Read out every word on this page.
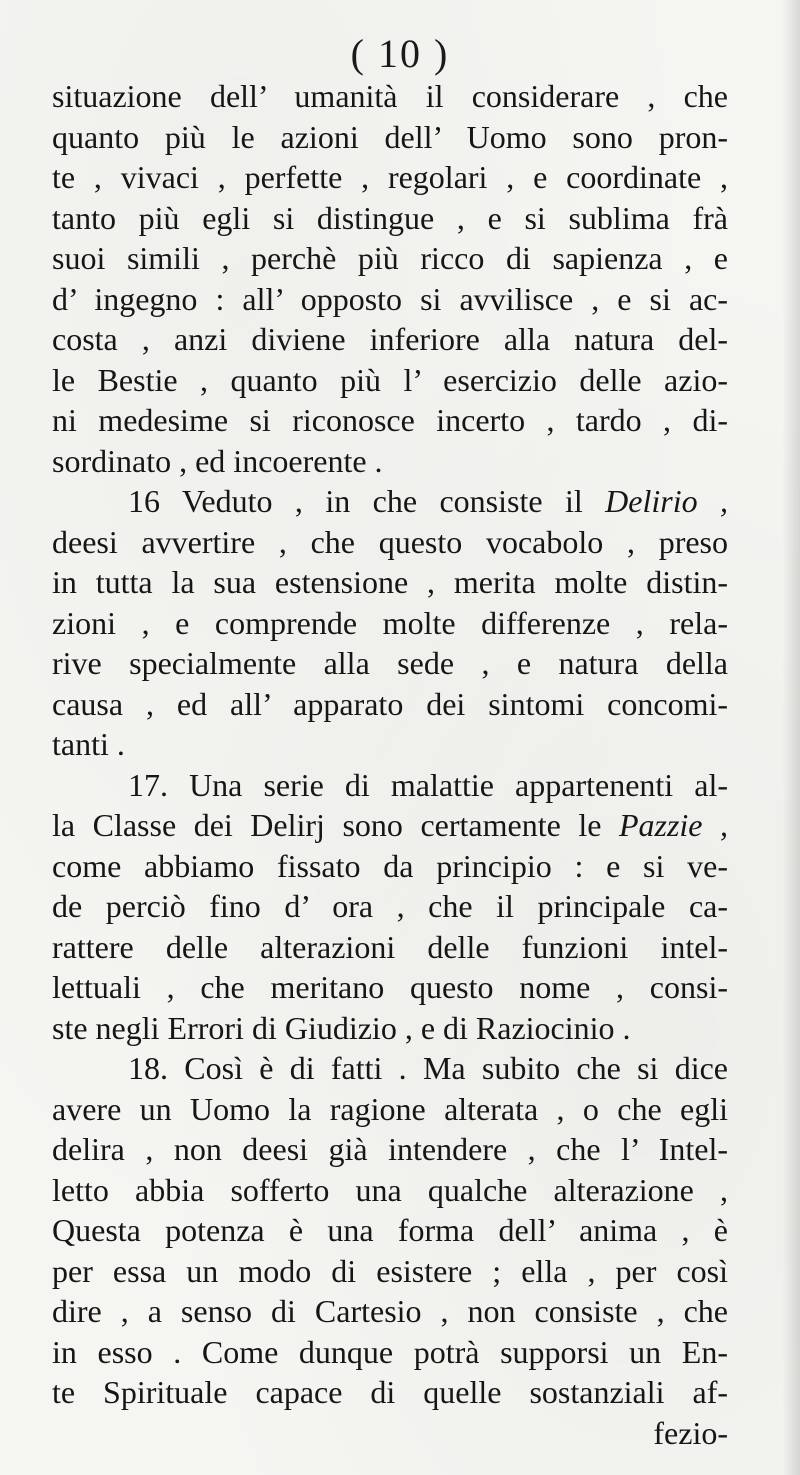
( 10 )
situazione dell’ umanità il considerare , che
quanto più le azioni dell’ Uomo sono pron-
te , vivaci , perfette , regolari , e coordinate ,
tanto più egli si distingue , e si sublima frà
suoi simili , perchè più ricco di sapienza , e
d’ ingegno : all’ opposto si avvilisce , e si ac-
costa , anzi diviene inferiore alla natura del-
le Bestie , quanto più l’ esercizio delle azio-
ni medesime si riconosce incerto , tardo , di-
sordinato , ed incoerente .
16 Veduto , in che consiste il Delirio ,
deesi avvertire , che questo vocabolo , preso
in tutta la sua estensione , merita molte distin-
zioni , e comprende molte differenze , rela-
rive specialmente alla sede , e natura della
causa , ed all’ apparato dei sintomi concomi-
tanti .
17. Una serie di malattie appartenenti al-
la Classe dei Delirj sono certamente le Pazzie ,
come abbiamo fissato da principio : e si ve-
de perciò fino d’ ora , che il principale ca-
rattere delle alterazioni delle funzioni intel-
lettuali , che meritano questo nome , consi-
ste negli Errori di Giudizio , e di Raziocinio .
18. Così è di fatti . Ma subito che si dice
avere un Uomo la ragione alterata , o che egli
delira , non deesi già intendere , che l’ Intel-
letto abbia sofferto una qualche alterazione ,
Questa potenza è una forma dell’ anima , è
per essa un modo di esistere ; ella , per così
dire , a senso di Cartesio , non consiste , che
in esso . Come dunque potrà supporsi un En-
te Spirituale capace di quelle sostanziali af-
fezio-
